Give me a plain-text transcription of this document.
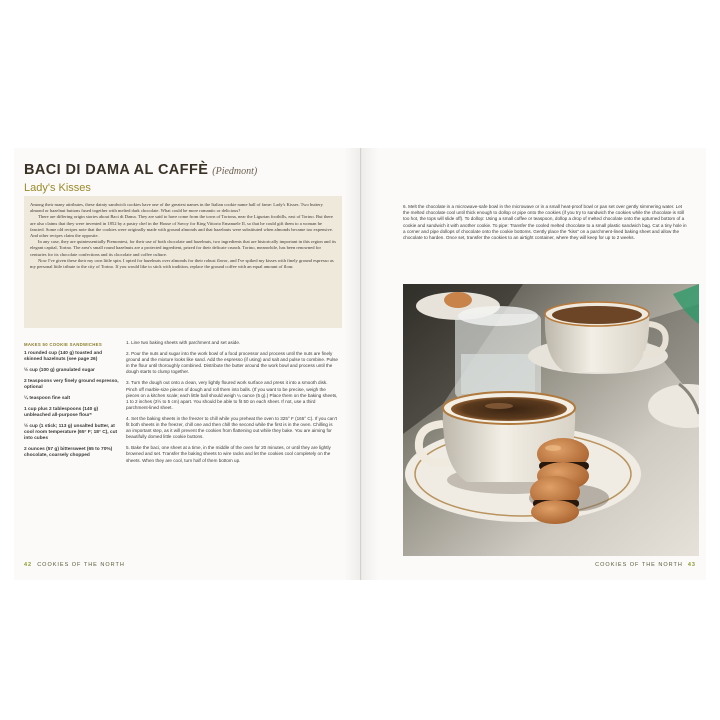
BACI DI DAMA AL CAFFÈ (Piedmont)
Lady's Kisses

Among their many attributes, these dainty sandwich cookies have one of the greatest names in the Italian cookie name hall of fame: Lady's Kisses. Two buttery almond or hazelnut buttons fused together with melted dark chocolate. What could be more romantic or delicious?

There are differing origin stories about Baci di Dama. They are said to have come from the town of Tortona, near the Ligurian foothills, east of Torino. But there are also claims that they were invented in 1852 by a pastry chef in the House of Savoy for King Vittorio Emanuele II, so that he could gift them to a woman he fancied. Some old recipes note that the cookies were originally made with ground almonds and that hazelnuts were substituted when almonds became too expensive. And other recipes claim the opposite.

In any case, they are quintessentially Piemontesi, for their use of both chocolate and hazelnuts, two ingredients that are historically important in this region and its elegant capital, Torino. The area's small round hazelnuts are a protected ingredient, prized for their delicate crunch. Torino, meanwhile, has been renowned for centuries for its chocolate confections and its chocolate and coffee culture.

Now I've given these their my own little spin. I opted for hazelnuts over almonds for their robust flavor, and I've spiked my kisses with finely ground espresso as my personal little tribute to the city of Torino. If you would like to stick with tradition, replace the ground coffee with an equal amount of flour.

MAKES 50 COOKIE SANDWICHES
1 rounded cup (140 g) toasted and skinned hazelnuts (see page 26)
½ cup (100 g) granulated sugar
2 teaspoons very finely ground espresso, optional
¼ teaspoon fine salt
1 cup plus 2 tablespoons (140 g) unbleached all-purpose flour*
½ cup (1 stick; 113 g) unsalted butter, at cool room temperature (65° F; 18° C), cut into cubes
2 ounces (57 g) bittersweet (65 to 70%) chocolate, coarsely chopped
1. Line two baking sheets with parchment and set aside.
2. Pour the nuts and sugar into the work bowl of a food processor and process until the nuts are finely ground and the mixture looks like sand. Add the espresso (if using) and salt and pulse to combine. Pulse in the flour until thoroughly combined. Distribute the butter around the work bowl and process until the dough starts to clump together.
3. Turn the dough out onto a clean, very lightly floured work surface and press it into a smooth disk. Pinch off marble-size pieces of dough and roll them into balls. (If you want to be precise, weigh the pieces on a kitchen scale; each little ball should weigh ¼ ounce (5 g).) Place them on the baking sheets, 1 to 2 inches (2½ to 5 cm) apart. You should be able to fit 50 on each sheet. If not, use a third parchment-lined sheet.
4. Set the baking sheets in the freezer to chill while you preheat the oven to 325° F (165° C). If you can't fit both sheets in the freezer, chill one and then chill the second while the first is in the oven. Chilling is an important step, as it will prevent the cookies from flattening out while they bake. You are aiming for beautifully domed little cookie buttons.
5. Bake the baci, one sheet at a time, in the middle of the oven for 20 minutes, or until they are lightly browned and set. Transfer the baking sheets to wire racks and let the cookies cool completely on the sheets. When they are cool, turn half of them bottom up.
42 COOKIES OF THE NORTH
6. Melt the chocolate in a microwave-safe bowl in the microwave or in a small heat-proof bowl or pan set over gently simmering water. Let the melted chocolate cool until thick enough to dollop or pipe onto the cookies (if you try to sandwich the cookies while the chocolate is still too hot, the tops will slide off). To dollop: Using a small coffee or teaspoon, dollop a drop of melted chocolate onto the upturned bottom of a cookie and sandwich it with another cookie. To pipe: Transfer the cooled melted chocolate to a small plastic sandwich bag. Cut a tiny hole in a corner and pipe dollops of chocolate onto the cookie bottoms. Gently place the "kiss" on a parchment-lined baking sheet and allow the chocolate to harden. Once set, transfer the cookies to an airtight container, where they will keep for up to 2 weeks.
COOKIES OF THE NORTH 43
